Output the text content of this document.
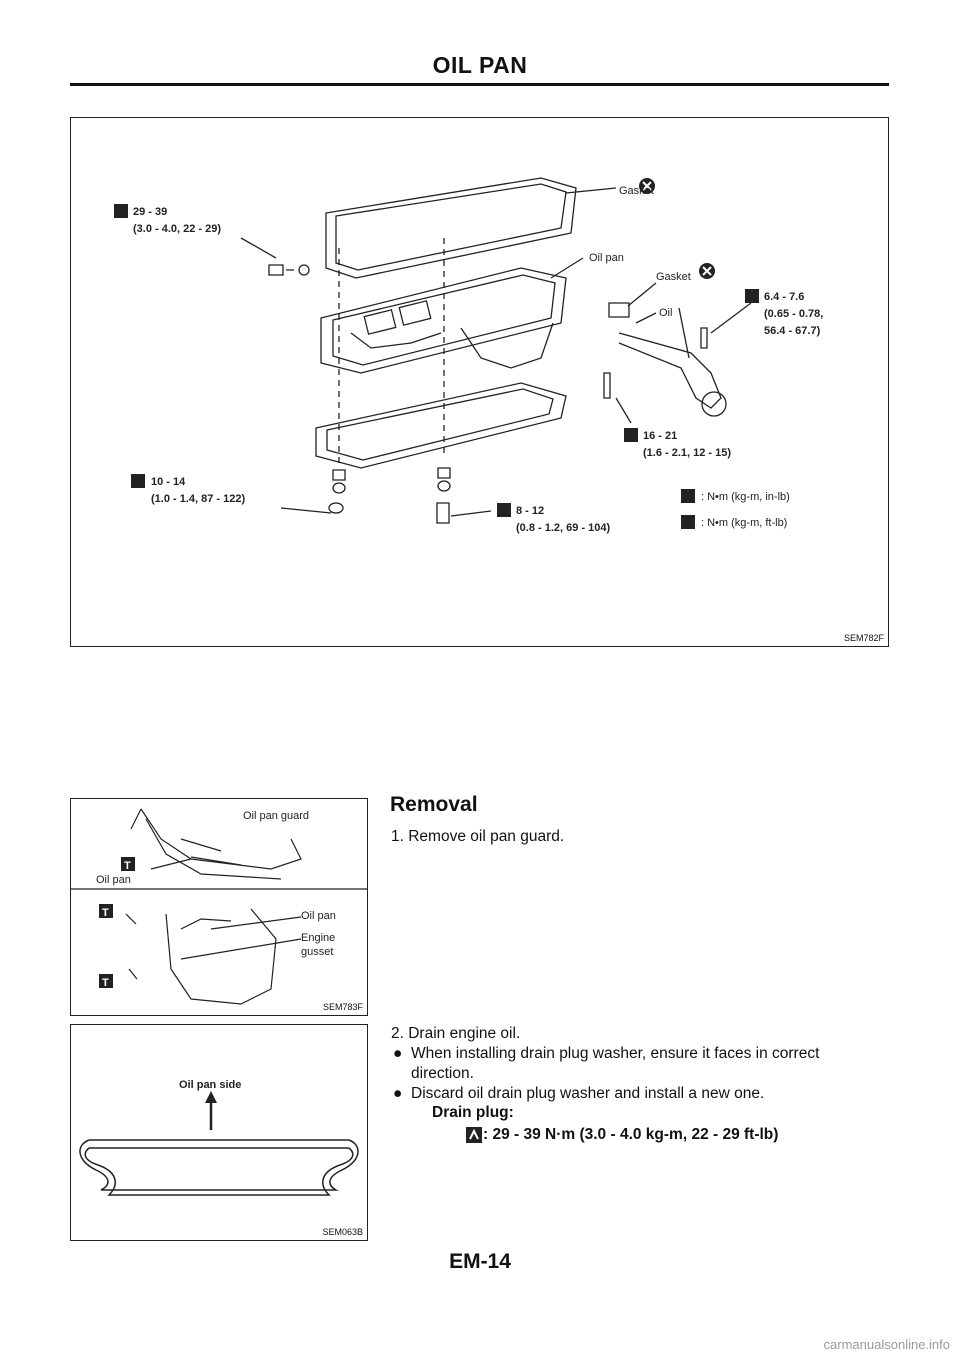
OIL PAN
Gasket
Oil pan
Gasket
Oil
29 - 39
(3.0 - 4.0, 22 - 29)
6.4 - 7.6
(0.65 - 0.78,
56.4 - 67.7)
16 - 21
(1.6 - 2.1, 12 - 15)
10 - 14
(1.0 - 1.4, 87 - 122)
8 - 12
(0.8 - 1.2, 69 - 104)
: N•m (kg-m, in-lb)
: N•m (kg-m, ft-lb)
SEM782F
T
T
T
Oil pan guard
Oil pan
Oil pan
Engine
gusset
SEM783F
Oil pan side
SEM063B
Removal
1. Remove oil pan guard.
2. Drain engine oil.
● When installing drain plug washer, ensure it faces in correct
direction.
● Discard oil drain plug washer and install a new one.
Drain plug:
: 29 - 39 N·m (3.0 - 4.0 kg-m, 22 - 29 ft-lb)
EM-14
carmanualsonline.info
